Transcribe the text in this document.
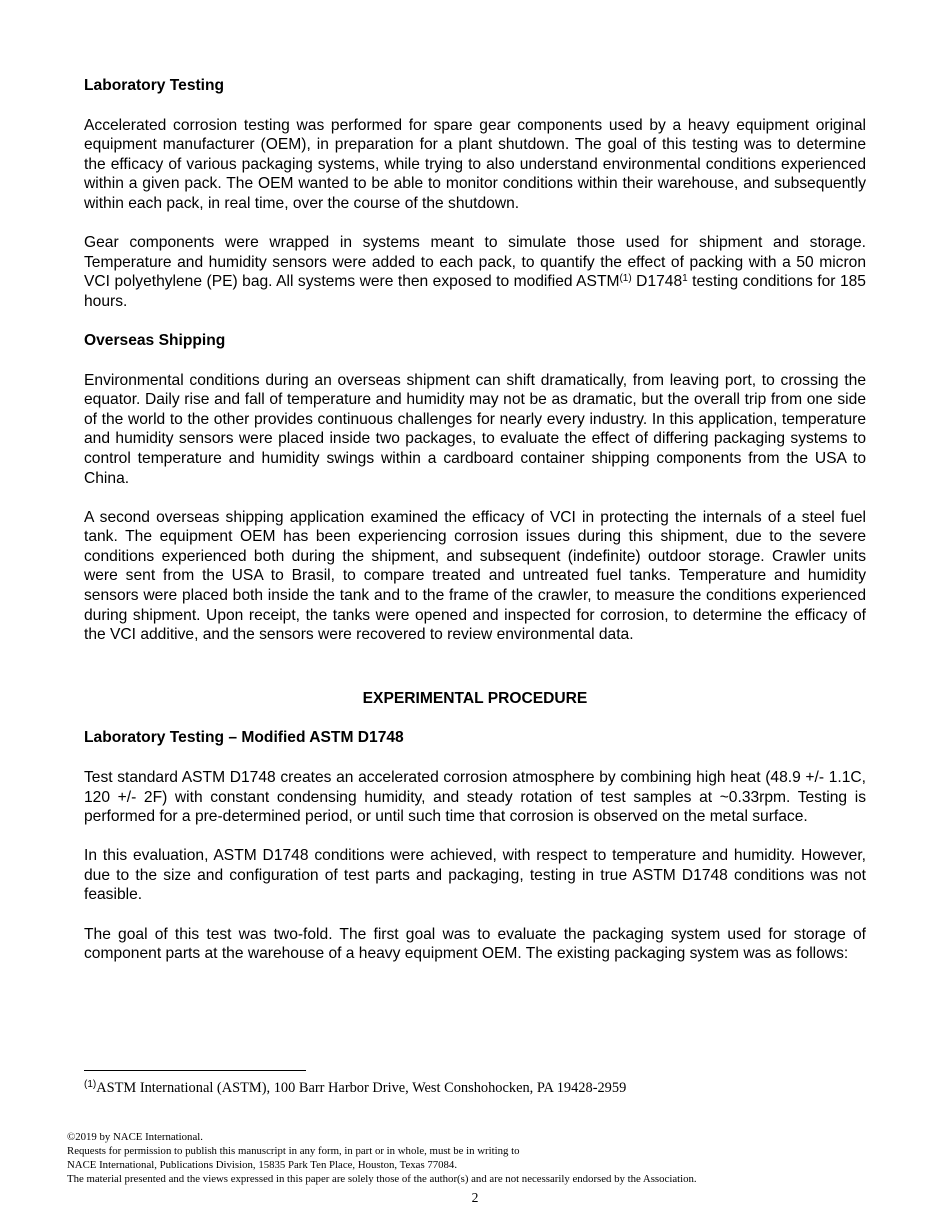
Laboratory Testing

Accelerated corrosion testing was performed for spare gear components used by a heavy equipment original equipment manufacturer (OEM), in preparation for a plant shutdown. The goal of this testing was to determine the efficacy of various packaging systems, while trying to also understand environmental conditions experienced within a given pack. The OEM wanted to be able to monitor conditions within their warehouse, and subsequently within each pack, in real time, over the course of the shutdown.

Gear components were wrapped in systems meant to simulate those used for shipment and storage. Temperature and humidity sensors were added to each pack, to quantify the effect of packing with a 50 micron VCI polyethylene (PE) bag. All systems were then exposed to modified ASTM$^{(1)}$ D1748$^1$ testing conditions for 185 hours.

Overseas Shipping

Environmental conditions during an overseas shipment can shift dramatically, from leaving port, to crossing the equator. Daily rise and fall of temperature and humidity may not be as dramatic, but the overall trip from one side of the world to the other provides continuous challenges for nearly every industry. In this application, temperature and humidity sensors were placed inside two packages, to evaluate the effect of differing packaging systems to control temperature and humidity swings within a cardboard container shipping components from the USA to China.

A second overseas shipping application examined the efficacy of VCI in protecting the internals of a steel fuel tank. The equipment OEM has been experiencing corrosion issues during this shipment, due to the severe conditions experienced both during the shipment, and subsequent (indefinite) outdoor storage. Crawler units were sent from the USA to Brasil, to compare treated and untreated fuel tanks. Temperature and humidity sensors were placed both inside the tank and to the frame of the crawler, to measure the conditions experienced during shipment. Upon receipt, the tanks were opened and inspected for corrosion, to determine the efficacy of the VCI additive, and the sensors were recovered to review environmental data.

EXPERIMENTAL PROCEDURE
Laboratory Testing – Modified ASTM D1748

Test standard ASTM D1748 creates an accelerated corrosion atmosphere by combining high heat (48.9 +/- 1.1C, 120 +/- 2F) with constant condensing humidity, and steady rotation of test samples at ~0.33rpm. Testing is performed for a pre-determined period, or until such time that corrosion is observed on the metal surface.

In this evaluation, ASTM D1748 conditions were achieved, with respect to temperature and humidity. However, due to the size and configuration of test parts and packaging, testing in true ASTM D1748 conditions was not feasible.

The goal of this test was two-fold. The first goal was to evaluate the packaging system used for storage of component parts at the warehouse of a heavy equipment OEM. The existing packaging system was as follows:

$^{(1)}$ASTM International (ASTM), 100 Barr Harbor Drive, West Conshohocken, PA 19428-2959
©2019 by NACE International.
Requests for permission to publish this manuscript in any form, in part or in whole, must be in writing to
NACE International, Publications Division, 15835 Park Ten Place, Houston, Texas 77084.
The material presented and the views expressed in this paper are solely those of the author(s) and are not necessarily endorsed by the Association.
2
